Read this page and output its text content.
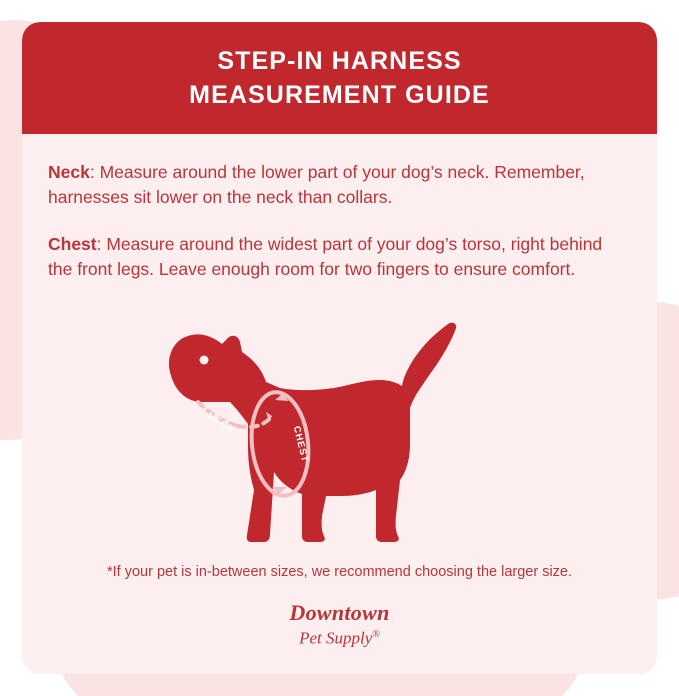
STEP-IN HARNESS
MEASUREMENT GUIDE

Neck: Measure around the lower part of your dog’s neck. Remember, harnesses sit lower on the neck than collars.

Chest: Measure around the widest part of your dog’s torso, right behind the front legs. Leave enough room for two fingers to ensure comfort.

NECK
CHEST
*If your pet is in-between sizes, we recommend choosing the larger size.
Downtown
Pet Supply®
